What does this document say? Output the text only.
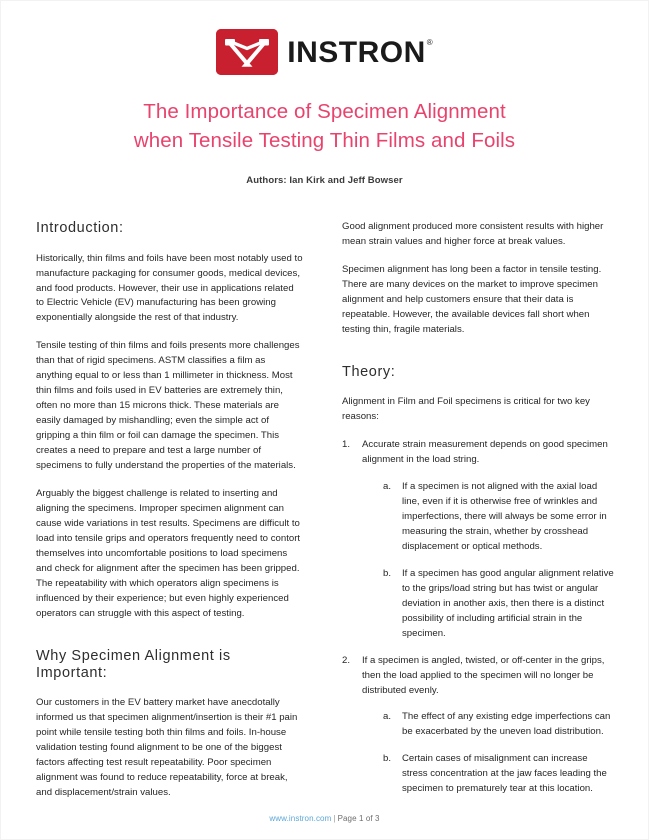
INSTRON ®
The Importance of Specimen Alignment
when Tensile Testing Thin Films and Foils
Authors: Ian Kirk and Jeff Bowser
Introduction:

Historically, thin films and foils have been most notably used to manufacture packaging for consumer goods, medical devices, and food products. However, their use in applications related to Electric Vehicle (EV) manufacturing has been growing exponentially alongside the rest of that industry.

Tensile testing of thin films and foils presents more challenges than that of rigid specimens. ASTM classifies a film as anything equal to or less than 1 millimeter in thickness. Most thin films and foils used in EV batteries are extremely thin, often no more than 15 microns thick. These materials are easily damaged by mishandling; even the simple act of gripping a thin film or foil can damage the specimen. This creates a need to prepare and test a large number of specimens to fully understand the properties of the materials.

Arguably the biggest challenge is related to inserting and aligning the specimens. Improper specimen alignment can cause wide variations in test results. Specimens are difficult to load into tensile grips and operators frequently need to contort themselves into uncomfortable positions to load specimens and check for alignment after the specimen has been gripped. The repeatability with which operators align specimens is influenced by their experience; but even highly experienced operators can struggle with this aspect of testing.

Why Specimen Alignment is Important:

Our customers in the EV battery market have anecdotally informed us that specimen alignment/insertion is their #1 pain point while tensile testing both thin films and foils. In-house validation testing found alignment to be one of the biggest factors affecting test result repeatability. Poor specimen alignment was found to reduce repeatability, force at break, and displacement/strain values.

Good alignment produced more consistent results with higher mean strain values and higher force at break values.

Specimen alignment has long been a factor in tensile testing. There are many devices on the market to improve specimen alignment and help customers ensure that their data is repeatable. However, the available devices fall short when testing thin, fragile materials.

Theory:

Alignment in Film and Foil specimens is critical for two key reasons:

1.	Accurate strain measurement depends on good specimen alignment in the load string.
a.	If a specimen is not aligned with the axial load line, even if it is otherwise free of wrinkles and imperfections, there will always be some error in measuring the strain, whether by crosshead displacement or optical methods.
b.	If a specimen has good angular alignment relative to the grips/load string but has twist or angular deviation in another axis, then there is a distinct possibility of including artificial strain in the specimen.
2.	If a specimen is angled, twisted, or off-center in the grips, then the load applied to the specimen will no longer be distributed evenly.
a.	The effect of any existing edge imperfections can be exacerbated by the uneven load distribution.
b.	Certain cases of misalignment can increase stress concentration at the jaw faces leading the specimen to prematurely tear at this location.
www.instron.com | Page 1 of 3
